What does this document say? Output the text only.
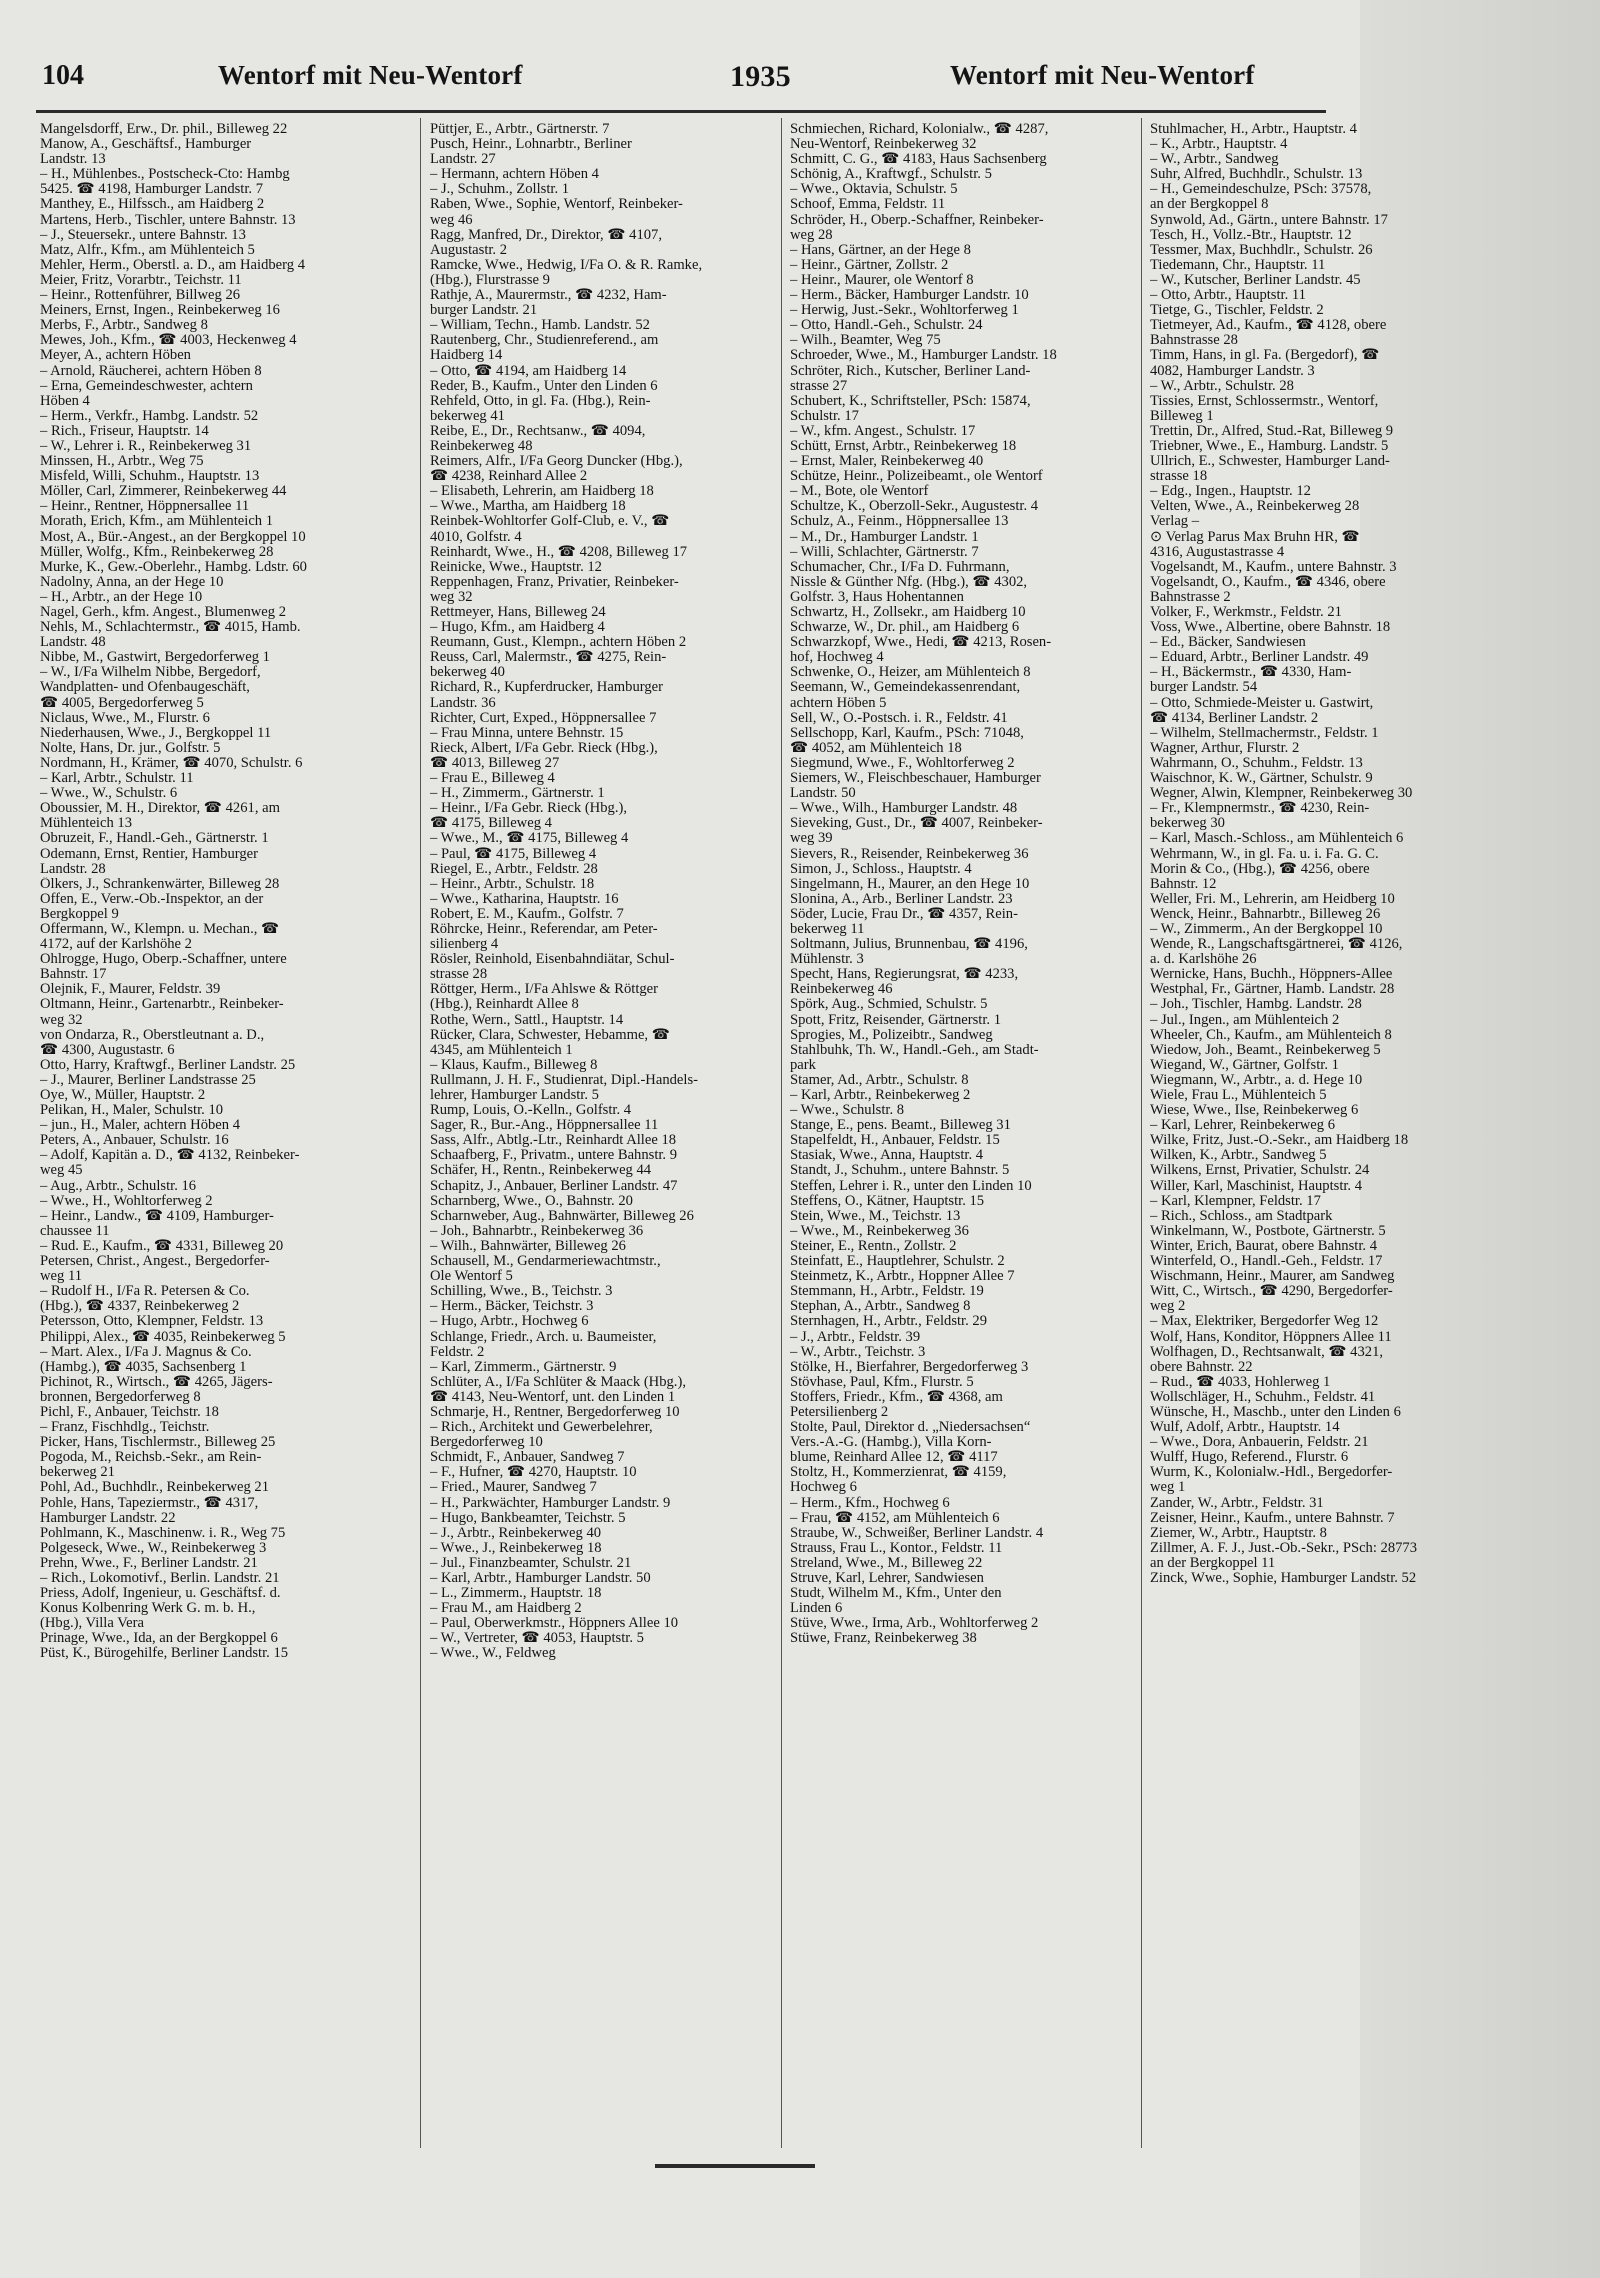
104	Wentorf mit Neu-Wentorf	1935	Wentorf mit Neu-Wentorf
Mangelsdorff, Erw., Dr. phil., Billeweg 22
Manow, A., Geschäftsf., Hamburger
Landstr. 13
– H., Mühlenbes., Postscheck-Cto: Hambg
5425. ☎ 4198, Hamburger Landstr. 7
Manthey, E., Hilfssch., am Haidberg 2
Martens, Herb., Tischler, untere Bahnstr. 13
– J., Steuersekr., untere Bahnstr. 13
Matz, Alfr., Kfm., am Mühlenteich 5
Mehler, Herm., Oberstl. a. D., am Haidberg 4
Meier, Fritz, Vorarbtr., Teichstr. 11
– Heinr., Rottenführer, Billweg 26
Meiners, Ernst, Ingen., Reinbekerweg 16
Merbs, F., Arbtr., Sandweg 8
Mewes, Joh., Kfm., ☎ 4003, Heckenweg 4
Meyer, A., achtern Höben
– Arnold, Räucherei, achtern Höben 8
– Erna, Gemeindeschwester, achtern
Höben 4
– Herm., Verkfr., Hambg. Landstr. 52
– Rich., Friseur, Hauptstr. 14
– W., Lehrer i. R., Reinbekerweg 31
Minssen, H., Arbtr., Weg 75
Misfeld, Willi, Schuhm., Hauptstr. 13
Möller, Carl, Zimmerer, Reinbekerweg 44
– Heinr., Rentner, Höppnersallee 11
Morath, Erich, Kfm., am Mühlenteich 1
Most, A., Bür.-Angest., an der Bergkoppel 10
Müller, Wolfg., Kfm., Reinbekerweg 28
Murke, K., Gew.-Oberlehr., Hambg. Ldstr. 60
Nadolny, Anna, an der Hege 10
– H., Arbtr., an der Hege 10
Nagel, Gerh., kfm. Angest., Blumenweg 2
Nehls, M., Schlachtermstr., ☎ 4015, Hamb.
Landstr. 48
Nibbe, M., Gastwirt, Bergedorferweg 1
– W., I/Fa Wilhelm Nibbe, Bergedorf,
Wandplatten- und Ofenbaugeschäft,
☎ 4005, Bergedorferweg 5
Niclaus, Wwe., M., Flurstr. 6
Niederhausen, Wwe., J., Bergkoppel 11
Nolte, Hans, Dr. jur., Golfstr. 5
Nordmann, H., Krämer, ☎ 4070, Schulstr. 6
– Karl, Arbtr., Schulstr. 11
– Wwe., W., Schulstr. 6
Oboussier, M. H., Direktor, ☎ 4261, am
Mühlenteich 13
Obruzeit, F., Handl.-Geh., Gärtnerstr. 1
Odemann, Ernst, Rentier, Hamburger
Landstr. 28
Ölkers, J., Schrankenwärter, Billeweg 28
Offen, E., Verw.-Ob.-Inspektor, an der
Bergkoppel 9
Offermann, W., Klempn. u. Mechan., ☎
4172, auf der Karlshöhe 2
Ohlrogge, Hugo, Oberp.-Schaffner, untere
Bahnstr. 17
Olejnik, F., Maurer, Feldstr. 39
Oltmann, Heinr., Gartenarbtr., Reinbeker-
weg 32
von Ondarza, R., Oberstleutnant a. D.,
☎ 4300, Augustastr. 6
Otto, Harry, Kraftwgf., Berliner Landstr. 25
– J., Maurer, Berliner Landstrasse 25
Oye, W., Müller, Hauptstr. 2
Pelikan, H., Maler, Schulstr. 10
– jun., H., Maler, achtern Höben 4
Peters, A., Anbauer, Schulstr. 16
– Adolf, Kapitän a. D., ☎ 4132, Reinbeker-
weg 45
– Aug., Arbtr., Schulstr. 16
– Wwe., H., Wohltorferweg 2
– Heinr., Landw., ☎ 4109, Hamburger-
chaussee 11
– Rud. E., Kaufm., ☎ 4331, Billeweg 20
Petersen, Christ., Angest., Bergedorfer-
weg 11
– Rudolf H., I/Fa R. Petersen & Co.
(Hbg.), ☎ 4337, Reinbekerweg 2
Petersson, Otto, Klempner, Feldstr. 13
Philippi, Alex., ☎ 4035, Reinbekerweg 5
– Mart. Alex., I/Fa J. Magnus & Co.
(Hambg.), ☎ 4035, Sachsenberg 1
Pichinot, R., Wirtsch., ☎ 4265, Jägers-
bronnen, Bergedorferweg 8
Pichl, F., Anbauer, Teichstr. 18
– Franz, Fischhdlg., Teichstr.
Picker, Hans, Tischlermstr., Billeweg 25
Pogoda, M., Reichsb.-Sekr., am Rein-
bekerweg 21
Pohl, Ad., Buchhdlr., Reinbekerweg 21
Pohle, Hans, Tapeziermstr., ☎ 4317,
Hamburger Landstr. 22
Pohlmann, K., Maschinenw. i. R., Weg 75
Polgeseck, Wwe., W., Reinbekerweg 3
Prehn, Wwe., F., Berliner Landstr. 21
– Rich., Lokomotivf., Berlin. Landstr. 21
Priess, Adolf, Ingenieur, u. Geschäftsf. d.
Konus Kolbenring Werk G. m. b. H.,
(Hbg.), Villa Vera
Prinage, Wwe., Ida, an der Bergkoppel 6
Püst, K., Bürogehilfe, Berliner Landstr. 15
Püttjer, E., Arbtr., Gärtnerstr. 7
Pusch, Heinr., Lohnarbtr., Berliner
Landstr. 27
– Hermann, achtern Höben 4
– J., Schuhm., Zollstr. 1
Raben, Wwe., Sophie, Wentorf, Reinbeker-
weg 46
Ragg, Manfred, Dr., Direktor, ☎ 4107,
Augustastr. 2
Ramcke, Wwe., Hedwig, I/Fa O. & R. Ramke,
(Hbg.), Flurstrasse 9
Rathje, A., Maurermstr., ☎ 4232, Ham-
burger Landstr. 21
– William, Techn., Hamb. Landstr. 52
Rautenberg, Chr., Studienreferend., am
Haidberg 14
– Otto, ☎ 4194, am Haidberg 14
Reder, B., Kaufm., Unter den Linden 6
Rehfeld, Otto, in gl. Fa. (Hbg.), Rein-
bekerweg 41
Reibe, E., Dr., Rechtsanw., ☎ 4094,
Reinbekerweg 48
Reimers, Alfr., I/Fa Georg Duncker (Hbg.),
☎ 4238, Reinhard Allee 2
– Elisabeth, Lehrerin, am Haidberg 18
– Wwe., Martha, am Haidberg 18
Reinbek-Wohltorfer Golf-Club, e. V., ☎
4010, Golfstr. 4
Reinhardt, Wwe., H., ☎ 4208, Billeweg 17
Reinicke, Wwe., Hauptstr. 12
Reppenhagen, Franz, Privatier, Reinbeker-
weg 32
Rettmeyer, Hans, Billeweg 24
– Hugo, Kfm., am Haidberg 4
Reumann, Gust., Klempn., achtern Höben 2
Reuss, Carl, Malermstr., ☎ 4275, Rein-
bekerweg 40
Richard, R., Kupferdrucker, Hamburger
Landstr. 36
Richter, Curt, Exped., Höppnersallee 7
– Frau Minna, untere Behnstr. 15
Rieck, Albert, I/Fa Gebr. Rieck (Hbg.),
☎ 4013, Billeweg 27
– Frau E., Billeweg 4
– H., Zimmerm., Gärtnerstr. 1
– Heinr., I/Fa Gebr. Rieck (Hbg.),
☎ 4175, Billeweg 4
– Wwe., M., ☎ 4175, Billeweg 4
– Paul, ☎ 4175, Billeweg 4
Riegel, E., Arbtr., Feldstr. 28
– Heinr., Arbtr., Schulstr. 18
– Wwe., Katharina, Hauptstr. 16
Robert, E. M., Kaufm., Golfstr. 7
Röhrcke, Heinr., Referendar, am Peter-
silienberg 4
Rösler, Reinhold, Eisenbahndiätar, Schul-
strasse 28
Röttger, Herm., I/Fa Ahlswe & Röttger
(Hbg.), Reinhardt Allee 8
Rothe, Wern., Sattl., Hauptstr. 14
Rücker, Clara, Schwester, Hebamme, ☎
4345, am Mühlenteich 1
– Klaus, Kaufm., Billeweg 8
Rullmann, J. H. F., Studienrat, Dipl.-Handels-
lehrer, Hamburger Landstr. 5
Rump, Louis, O.-Kelln., Golfstr. 4
Sager, R., Bur.-Ang., Höppnersallee 11
Sass, Alfr., Abtlg.-Ltr., Reinhardt Allee 18
Schaafberg, F., Privatm., untere Bahnstr. 9
Schäfer, H., Rentn., Reinbekerweg 44
Schapitz, J., Anbauer, Berliner Landstr. 47
Scharnberg, Wwe., O., Bahnstr. 20
Scharnweber, Aug., Bahnwärter, Billeweg 26
– Joh., Bahnarbtr., Reinbekerweg 36
– Wilh., Bahnwärter, Billeweg 26
Schausell, M., Gendarmeriewachtmstr.,
Ole Wentorf 5
Schilling, Wwe., B., Teichstr. 3
– Herm., Bäcker, Teichstr. 3
– Hugo, Arbtr., Hochweg 6
Schlange, Friedr., Arch. u. Baumeister,
Feldstr. 2
– Karl, Zimmerm., Gärtnerstr. 9
Schlüter, A., I/Fa Schlüter & Maack (Hbg.),
☎ 4143, Neu-Wentorf, unt. den Linden 1
Schmarje, H., Rentner, Bergedorferweg 10
– Rich., Architekt und Gewerbelehrer,
Bergedorferweg 10
Schmidt, F., Anbauer, Sandweg 7
– F., Hufner, ☎ 4270, Hauptstr. 10
– Fried., Maurer, Sandweg 7
– H., Parkwächter, Hamburger Landstr. 9
– Hugo, Bankbeamter, Teichstr. 5
– J., Arbtr., Reinbekerweg 40
– Wwe., J., Reinbekerweg 18
– Jul., Finanzbeamter, Schulstr. 21
– Karl, Arbtr., Hamburger Landstr. 50
– L., Zimmerm., Hauptstr. 18
– Frau M., am Haidberg 2
– Paul, Oberwerkmstr., Höppners Allee 10
– W., Vertreter, ☎ 4053, Hauptstr. 5
– Wwe., W., Feldweg
Schmiechen, Richard, Kolonialw., ☎ 4287,
Neu-Wentorf, Reinbekerweg 32
Schmitt, C. G., ☎ 4183, Haus Sachsenberg
Schönig, A., Kraftwgf., Schulstr. 5
– Wwe., Oktavia, Schulstr. 5
Schoof, Emma, Feldstr. 11
Schröder, H., Oberp.-Schaffner, Reinbeker-
weg 28
– Hans, Gärtner, an der Hege 8
– Heinr., Gärtner, Zollstr. 2
– Heinr., Maurer, ole Wentorf 8
– Herm., Bäcker, Hamburger Landstr. 10
– Herwig, Just.-Sekr., Wohltorferweg 1
– Otto, Handl.-Geh., Schulstr. 24
– Wilh., Beamter, Weg 75
Schroeder, Wwe., M., Hamburger Landstr. 18
Schröter, Rich., Kutscher, Berliner Land-
strasse 27
Schubert, K., Schriftsteller, PSch: 15874,
Schulstr. 17
– W., kfm. Angest., Schulstr. 17
Schütt, Ernst, Arbtr., Reinbekerweg 18
– Ernst, Maler, Reinbekerweg 40
Schütze, Heinr., Polizeibeamt., ole Wentorf
– M., Bote, ole Wentorf
Schultze, K., Oberzoll-Sekr., Augustestr. 4
Schulz, A., Feinm., Höppnersallee 13
– M., Dr., Hamburger Landstr. 1
– Willi, Schlachter, Gärtnerstr. 7
Schumacher, Chr., I/Fa D. Fuhrmann,
Nissle & Günther Nfg. (Hbg.), ☎ 4302,
Golfstr. 3, Haus Hohentannen
Schwartz, H., Zollsekr., am Haidberg 10
Schwarze, W., Dr. phil., am Haidberg 6
Schwarzkopf, Wwe., Hedi, ☎ 4213, Rosen-
hof, Hochweg 4
Schwenke, O., Heizer, am Mühlenteich 8
Seemann, W., Gemeindekassenrendant,
achtern Höben 5
Sell, W., O.-Postsch. i. R., Feldstr. 41
Sellschopp, Karl, Kaufm., PSch: 71048,
☎ 4052, am Mühlenteich 18
Siegmund, Wwe., F., Wohltorferweg 2
Siemers, W., Fleischbeschauer, Hamburger
Landstr. 50
– Wwe., Wilh., Hamburger Landstr. 48
Sieveking, Gust., Dr., ☎ 4007, Reinbeker-
weg 39
Sievers, R., Reisender, Reinbekerweg 36
Simon, J., Schloss., Hauptstr. 4
Singelmann, H., Maurer, an den Hege 10
Slonina, A., Arb., Berliner Landstr. 23
Söder, Lucie, Frau Dr., ☎ 4357, Rein-
bekerweg 11
Soltmann, Julius, Brunnenbau, ☎ 4196,
Mühlenstr. 3
Specht, Hans, Regierungsrat, ☎ 4233,
Reinbekerweg 46
Spörk, Aug., Schmied, Schulstr. 5
Spott, Fritz, Reisender, Gärtnerstr. 1
Sprogies, M., Polizeibtr., Sandweg
Stahlbuhk, Th. W., Handl.-Geh., am Stadt-
park
Stamer, Ad., Arbtr., Schulstr. 8
– Karl, Arbtr., Reinbekerweg 2
– Wwe., Schulstr. 8
Stange, E., pens. Beamt., Billeweg 31
Stapelfeldt, H., Anbauer, Feldstr. 15
Stasiak, Wwe., Anna, Hauptstr. 4
Standt, J., Schuhm., untere Bahnstr. 5
Steffen, Lehrer i. R., unter den Linden 10
Steffens, O., Kätner, Hauptstr. 15
Stein, Wwe., M., Teichstr. 13
– Wwe., M., Reinbekerweg 36
Steiner, E., Rentn., Zollstr. 2
Steinfatt, E., Hauptlehrer, Schulstr. 2
Steinmetz, K., Arbtr., Hoppner Allee 7
Stemmann, H., Arbtr., Feldstr. 19
Stephan, A., Arbtr., Sandweg 8
Sternhagen, H., Arbtr., Feldstr. 29
– J., Arbtr., Feldstr. 39
– W., Arbtr., Teichstr. 3
Stölke, H., Bierfahrer, Bergedorferweg 3
Stövhase, Paul, Kfm., Flurstr. 5
Stoffers, Friedr., Kfm., ☎ 4368, am
Petersilienberg 2
Stolte, Paul, Direktor d. „Niedersachsen“
Vers.-A.-G. (Hambg.), Villa Korn-
blume, Reinhard Allee 12, ☎ 4117
Stoltz, H., Kommerzienrat, ☎ 4159,
Hochweg 6
– Herm., Kfm., Hochweg 6
– Frau, ☎ 4152, am Mühlenteich 6
Straube, W., Schweißer, Berliner Landstr. 4
Strauss, Frau L., Kontor., Feldstr. 11
Streland, Wwe., M., Billeweg 22
Struve, Karl, Lehrer, Sandwiesen
Studt, Wilhelm M., Kfm., Unter den
Linden 6
Stüve, Wwe., Irma, Arb., Wohltorferweg 2
Stüwe, Franz, Reinbekerweg 38
Stuhlmacher, H., Arbtr., Hauptstr. 4
– K., Arbtr., Hauptstr. 4
– W., Arbtr., Sandweg
Suhr, Alfred, Buchhdlr., Schulstr. 13
– H., Gemeindeschulze, PSch: 37578,
an der Bergkoppel 8
Synwold, Ad., Gärtn., untere Bahnstr. 17
Tesch, H., Vollz.-Btr., Hauptstr. 12
Tessmer, Max, Buchhdlr., Schulstr. 26
Tiedemann, Chr., Hauptstr. 11
– W., Kutscher, Berliner Landstr. 45
– Otto, Arbtr., Hauptstr. 11
Tietge, G., Tischler, Feldstr. 2
Tietmeyer, Ad., Kaufm., ☎ 4128, obere
Bahnstrasse 28
Timm, Hans, in gl. Fa. (Bergedorf), ☎
4082, Hamburger Landstr. 3
– W., Arbtr., Schulstr. 28
Tissies, Ernst, Schlossermstr., Wentorf,
Billeweg 1
Trettin, Dr., Alfred, Stud.-Rat, Billeweg 9
Triebner, Wwe., E., Hamburg. Landstr. 5
Ullrich, E., Schwester, Hamburger Land-
strasse 18
– Edg., Ingen., Hauptstr. 12
Velten, Wwe., A., Reinbekerweg 28
Verlag –
⊙ Verlag Parus Max Bruhn HR, ☎
4316, Augustastrasse 4
Vogelsandt, M., Kaufm., untere Bahnstr. 3
Vogelsandt, O., Kaufm., ☎ 4346, obere
Bahnstrasse 2
Volker, F., Werkmstr., Feldstr. 21
Voss, Wwe., Albertine, obere Bahnstr. 18
– Ed., Bäcker, Sandwiesen
– Eduard, Arbtr., Berliner Landstr. 49
– H., Bäckermstr., ☎ 4330, Ham-
burger Landstr. 54
– Otto, Schmiede-Meister u. Gastwirt,
☎ 4134, Berliner Landstr. 2
– Wilhelm, Stellmachermstr., Feldstr. 1
Wagner, Arthur, Flurstr. 2
Wahrmann, O., Schuhm., Feldstr. 13
Waischnor, K. W., Gärtner, Schulstr. 9
Wegner, Alwin, Klempner, Reinbekerweg 30
– Fr., Klempnermstr., ☎ 4230, Rein-
bekerweg 30
– Karl, Masch.-Schloss., am Mühlenteich 6
Wehrmann, W., in gl. Fa. u. i. Fa. G. C.
Morin & Co., (Hbg.), ☎ 4256, obere
Bahnstr. 12
Weller, Fri. M., Lehrerin, am Heidberg 10
Wenck, Heinr., Bahnarbtr., Billeweg 26
– W., Zimmerm., An der Bergkoppel 10
Wende, R., Langschaftsgärtnerei, ☎ 4126,
a. d. Karlshöhe 26
Wernicke, Hans, Buchh., Höppners-Allee
Westphal, Fr., Gärtner, Hamb. Landstr. 28
– Joh., Tischler, Hambg. Landstr. 28
– Jul., Ingen., am Mühlenteich 2
Wheeler, Ch., Kaufm., am Mühlenteich 8
Wiedow, Joh., Beamt., Reinbekerweg 5
Wiegand, W., Gärtner, Golfstr. 1
Wiegmann, W., Arbtr., a. d. Hege 10
Wiele, Frau L., Mühlenteich 5
Wiese, Wwe., Ilse, Reinbekerweg 6
– Karl, Lehrer, Reinbekerweg 6
Wilke, Fritz, Just.-O.-Sekr., am Haidberg 18
Wilken, K., Arbtr., Sandweg 5
Wilkens, Ernst, Privatier, Schulstr. 24
Willer, Karl, Maschinist, Hauptstr. 4
– Karl, Klempner, Feldstr. 17
– Rich., Schloss., am Stadtpark
Winkelmann, W., Postbote, Gärtnerstr. 5
Winter, Erich, Baurat, obere Bahnstr. 4
Winterfeld, O., Handl.-Geh., Feldstr. 17
Wischmann, Heinr., Maurer, am Sandweg
Witt, C., Wirtsch., ☎ 4290, Bergedorfer-
weg 2
– Max, Elektriker, Bergedorfer Weg 12
Wolf, Hans, Konditor, Höppners Allee 11
Wolfhagen, D., Rechtsanwalt, ☎ 4321,
obere Bahnstr. 22
– Rud., ☎ 4033, Hohlerweg 1
Wollschläger, H., Schuhm., Feldstr. 41
Wünsche, H., Maschb., unter den Linden 6
Wulf, Adolf, Arbtr., Hauptstr. 14
– Wwe., Dora, Anbauerin, Feldstr. 21
Wulff, Hugo, Referend., Flurstr. 6
Wurm, K., Kolonialw.-Hdl., Bergedorfer-
weg 1
Zander, W., Arbtr., Feldstr. 31
Zeisner, Heinr., Kaufm., untere Bahnstr. 7
Ziemer, W., Arbtr., Hauptstr. 8
Zillmer, A. F. J., Just.-Ob.-Sekr., PSch: 28773
an der Bergkoppel 11
Zinck, Wwe., Sophie, Hamburger Landstr. 52
